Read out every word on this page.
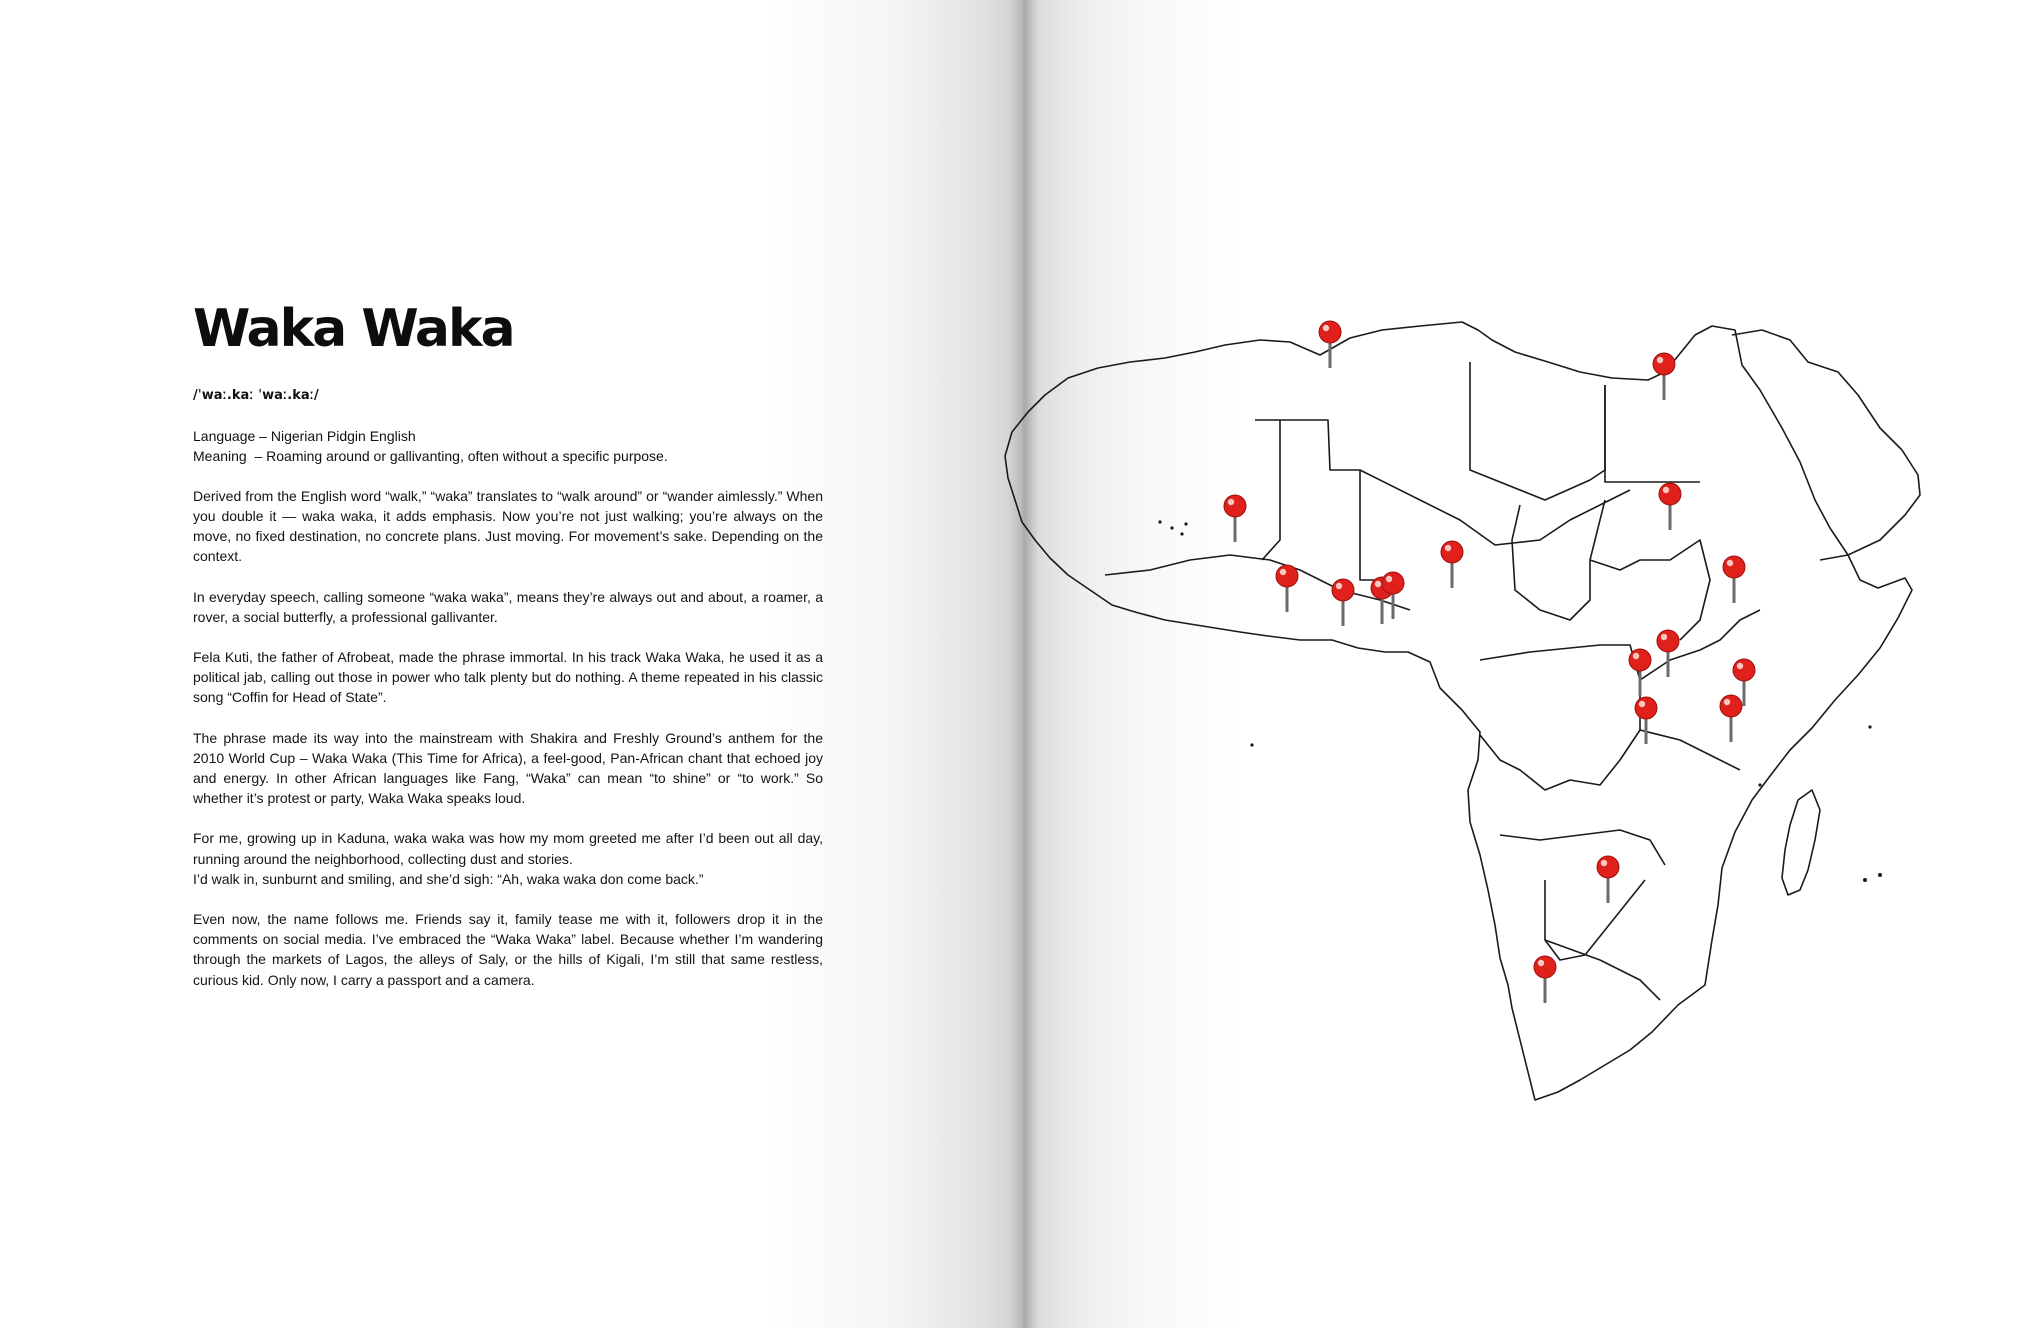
Waka Waka

/ˈwaː.kaː ˈwaː.kaː/

Language – Nigerian Pidgin English
Meaning  – Roaming around or gallivanting, often without a specific purpose.

Derived from the English word “walk,” “waka” translates to “walk around” or “wander aimlessly.” When you double it — waka waka, it adds emphasis. Now you’re not just walking; you’re always on the move, no fixed destination, no concrete plans. Just moving. For movement’s sake. Depending on the context.

In everyday speech, calling someone “waka waka”, means they’re always out and about, a roamer, a rover, a social butterfly, a professional gallivanter.

Fela Kuti, the father of Afrobeat, made the phrase immortal. In his track Waka Waka, he used it as a political jab, calling out those in power who talk plenty but do nothing. A theme repeated in his classic song “Coffin for Head of State”.

The phrase made its way into the mainstream with Shakira and Freshly Ground’s anthem for the 2010 World Cup – Waka Waka (This Time for Africa), a feel-good, Pan-African chant that echoed joy and energy. In other African languages like Fang, “Waka” can mean “to shine” or “to work.” So whether it’s protest or party, Waka Waka speaks loud.

For me, growing up in Kaduna, waka waka was how my mom greeted me after I’d been out all day, running around the neighborhood, collecting dust and stories.
I’d walk in, sunburnt and smiling, and she’d sigh: “Ah, waka waka don come back.”

Even now, the name follows me. Friends say it, family tease me with it, followers drop it in the comments on social media. I’ve embraced the “Waka Waka” label. Because whether I’m wandering through the markets of Lagos, the alleys of Saly, or the hills of Kigali, I’m still that same restless, curious kid. Only now, I carry a passport and a camera.
